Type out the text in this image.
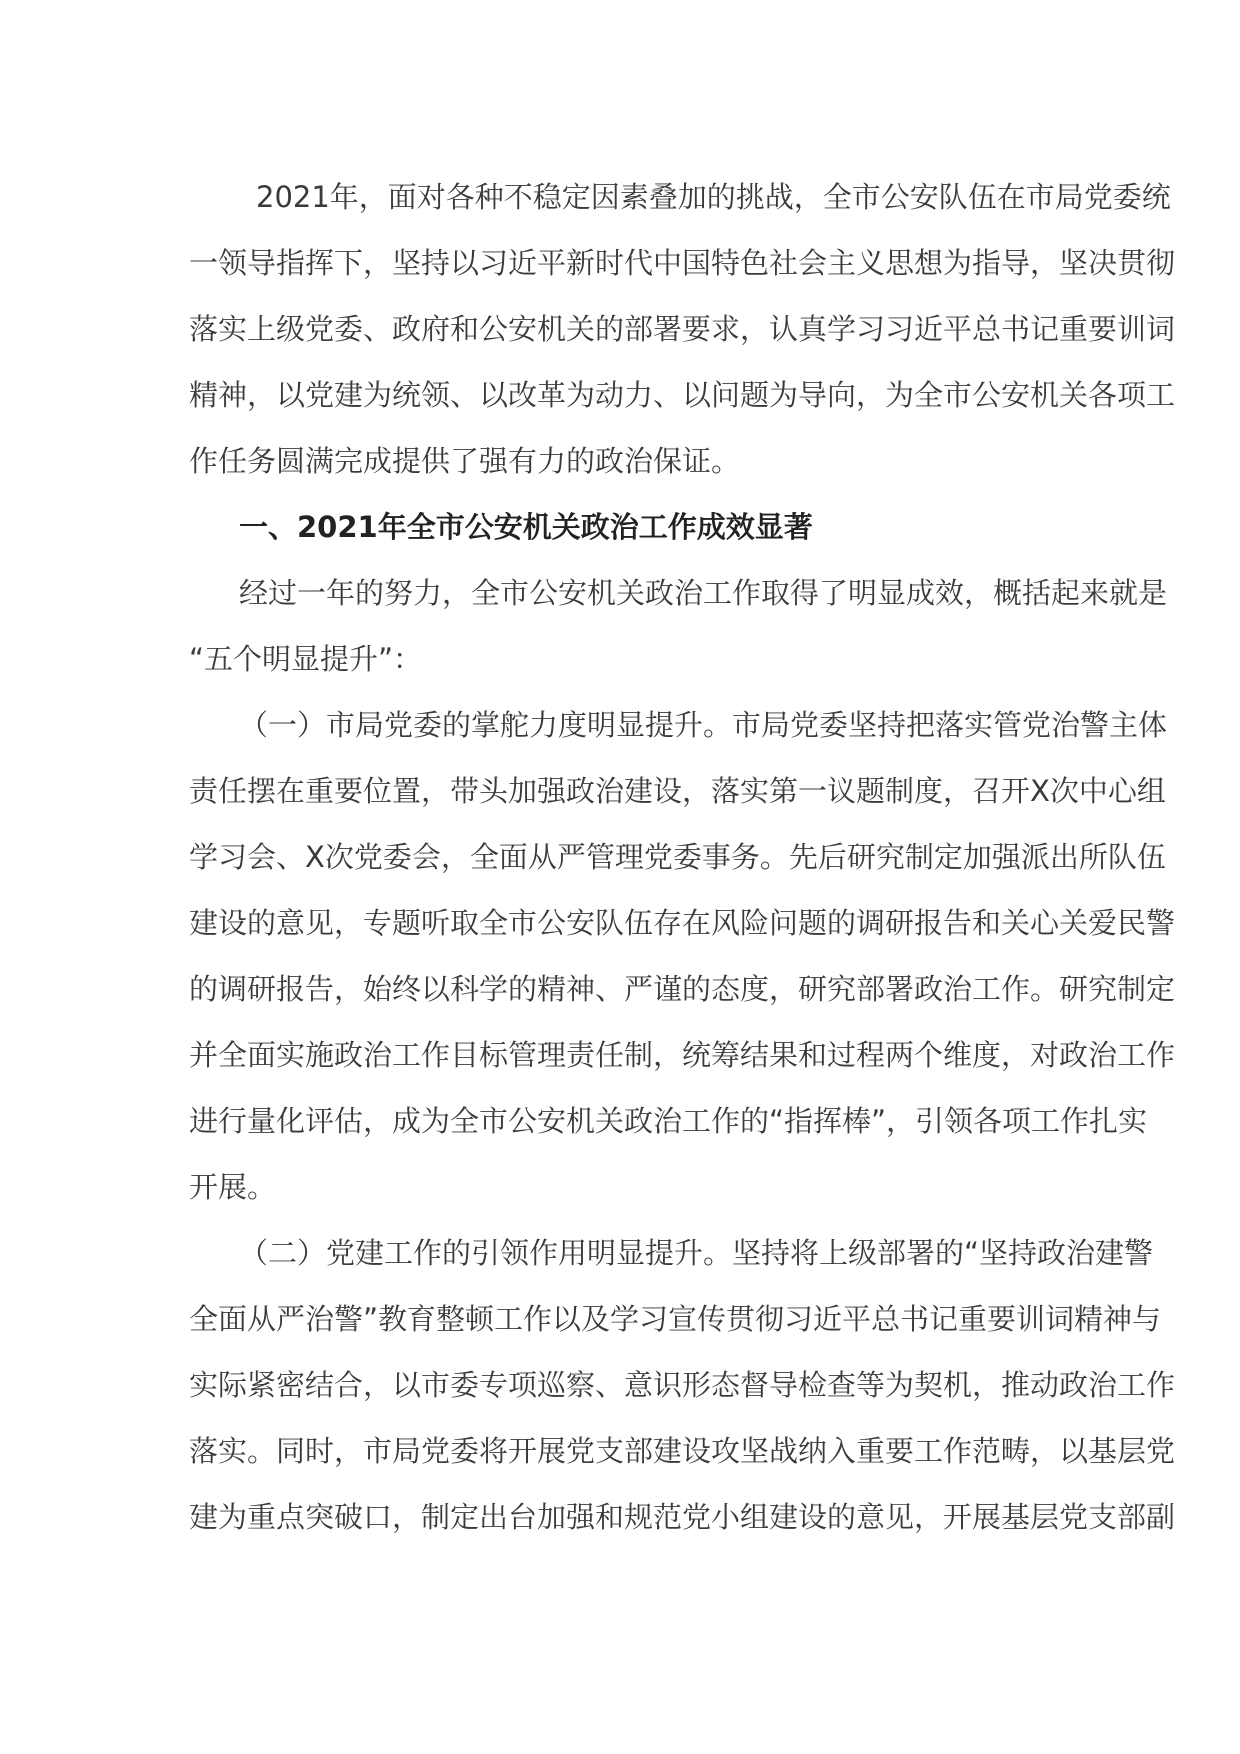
2021年，面对各种不稳定因素叠加的挑战，全市公安队伍在市局党委统
一领导指挥下，坚持以习近平新时代中国特色社会主义思想为指导，坚决贯彻
落实上级党委、政府和公安机关的部署要求，认真学习习近平总书记重要训词
精神，以党建为统领、以改革为动力、以问题为导向，为全市公安机关各项工
作任务圆满完成提供了强有力的政治保证。
一、2021年全市公安机关政治工作成效显著
经过一年的努力，全市公安机关政治工作取得了明显成效，概括起来就是
“五个明显提升”：
（一）市局党委的掌舵力度明显提升。市局党委坚持把落实管党治警主体
责任摆在重要位置，带头加强政治建设，落实第一议题制度，召开X次中心组
学习会、X次党委会，全面从严管理党委事务。先后研究制定加强派出所队伍
建设的意见，专题听取全市公安队伍存在风险问题的调研报告和关心关爱民警
的调研报告，始终以科学的精神、严谨的态度，研究部署政治工作。研究制定
并全面实施政治工作目标管理责任制，统筹结果和过程两个维度，对政治工作
进行量化评估，成为全市公安机关政治工作的“指挥棒”，引领各项工作扎实
开展。
（二）党建工作的引领作用明显提升。坚持将上级部署的“坚持政治建警
全面从严治警”教育整顿工作以及学习宣传贯彻习近平总书记重要训词精神与
实际紧密结合，以市委专项巡察、意识形态督导检查等为契机，推动政治工作
落实。同时，市局党委将开展党支部建设攻坚战纳入重要工作范畴，以基层党
建为重点突破口，制定出台加强和规范党小组建设的意见，开展基层党支部副
